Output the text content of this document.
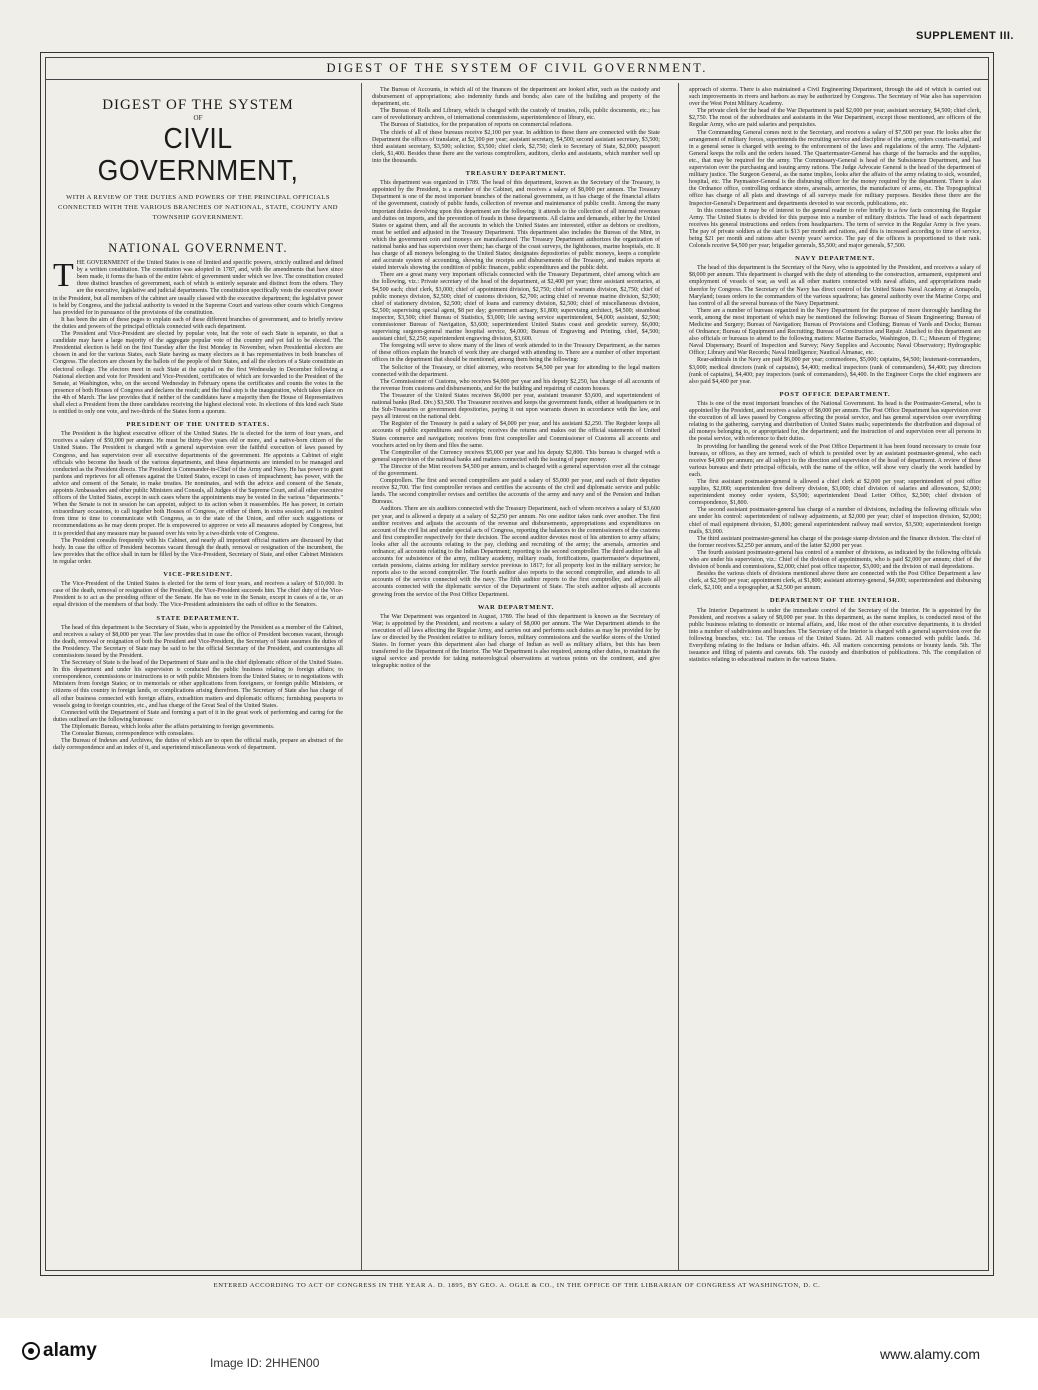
SUPPLEMENT III.
DIGEST OF THE SYSTEM OF CIVIL GOVERNMENT.
DIGEST OF THE SYSTEM
OF
CIVIL GOVERNMENT,
WITH A REVIEW OF THE DUTIES AND POWERS OF THE PRINCIPAL OFFICIALS CONNECTED WITH THE VARIOUS BRANCHES OF NATIONAL, STATE, COUNTY AND TOWNSHIP GOVERNMENT.
NATIONAL GOVERNMENT.

THE GOVERNMENT of the United States is one of limited and specific powers, strictly outlined and defined by a written constitution. The constitution was adopted in 1787, and, with the amendments that have since been made, it forms the basis of the entire fabric of government under which we live. The constitution created three distinct branches of government, each of which is entirely separate and distinct from the others. They are the executive, legislative and judicial departments. The constitution specifically vests the executive power in the President, but all members of the cabinet are usually classed with the executive department; the legislative power is held by Congress, and the judicial authority is vested in the Supreme Court and various other courts which Congress has provided for in pursuance of the provisions of the constitution.

It has been the aim of these pages to explain each of these different branches of government, and to briefly review the duties and powers of the principal officials connected with each department.

The President and Vice-President are elected by popular vote, but the vote of each State is separate, so that a candidate may have a large majority of the aggregate popular vote of the country and yet fail to be elected. The Presidential election is held on the first Tuesday after the first Monday in November, when Presidential electors are chosen in and for the various States, each State having as many electors as it has representatives in both branches of Congress. The electors are chosen by the ballots of the people of their States, and all the electors of a State constitute an electoral college. The electors meet in each State at the capital on the first Wednesday in December following a National election and vote for President and Vice-President, certificates of which are forwarded to the President of the Senate, at Washington, who, on the second Wednesday in February opens the certificates and counts the votes in the presence of both Houses of Congress and declares the result; and the final step is the inauguration, which takes place on the 4th of March. The law provides that if neither of the candidates have a majority then the House of Representatives shall elect a President from the three candidates receiving the highest electoral vote. In elections of this kind each State is entitled to only one vote, and two-thirds of the States form a quorum.

PRESIDENT OF THE UNITED STATES.

The President is the highest executive officer of the United States. He is elected for the term of four years, and receives a salary of $50,000 per annum. He must be thirty-five years old or more, and a native-born citizen of the United States. The President is charged with a general supervision over the faithful execution of laws passed by Congress, and has supervision over all executive departments of the government. He appoints a Cabinet of eight officials who become the heads of the various departments, and these departments are intended to be managed and conducted as the President directs. The President is Commander-in-Chief of the Army and Navy. He has power to grant pardons and reprieves for all offenses against the United States, except in cases of impeachment; has power, with the advice and consent of the Senate, to make treaties. He nominates, and with the advice and consent of the Senate, appoints Ambassadors and other public Ministers and Consuls, all Judges of the Supreme Court, and all other executive officers of the United States, except in such cases where the appointments may be vested in the various "departments." When the Senate is not in session he can appoint, subject to its action when it reassembles. He has power, in certain extraordinary occasions, to call together both Houses of Congress, or either of them, in extra session; and is required from time to time to communicate with Congress, as to the state of the Union, and offer such suggestions or recommendations as he may deem proper. He is empowered to approve or veto all measures adopted by Congress, but it is provided that any measure may be passed over his veto by a two-thirds vote of Congress.

The President consults frequently with his Cabinet, and nearly all important official matters are discussed by that body. In case the office of President becomes vacant through the death, removal or resignation of the incumbent, the law provides that the office shall in turn be filled by the Vice-President, Secretary of State, and other Cabinet Ministers in regular order.

VICE-PRESIDENT.

The Vice-President of the United States is elected for the term of four years, and receives a salary of $10,000. In case of the death, removal or resignation of the President, the Vice-President succeeds him. The chief duty of the Vice-President is to act as the presiding officer of the Senate. He has no vote in the Senate, except in cases of a tie, or an equal division of the members of that body. The Vice-President administers the oath of office to the Senators.

STATE DEPARTMENT.

The head of this department is the Secretary of State, who is appointed by the President as a member of the Cabinet, and receives a salary of $8,000 per year. The law provides that in case the office of President becomes vacant, through the death, removal or resignation of both the President and Vice-President, the Secretary of State assumes the duties of the Presidency. The Secretary of State may be said to be the official Secretary of the President, and countersigns all commissions issued by the President.

The Secretary of State is the head of the Department of State and is the chief diplomatic officer of the United States. In this department and under his supervision is conducted the public business relating to foreign affairs; to correspondence, commissions or instructions to or with public Ministers from the United States; or to negotiations with Ministers from foreign States; or to memorials or other applications from foreigners, or foreign public Ministers, or citizens of this country in foreign lands, or complications arising therefrom. The Secretary of State also has charge of all other business connected with foreign affairs, extradition matters and diplomatic officers; furnishing passports to vessels going to foreign countries, etc., and has charge of the Great Seal of the United States.

Connected with the Department of State and forming a part of it in the great work of performing and caring for the duties outlined are the following bureaus:

The Diplomatic Bureau, which looks after the affairs pertaining to foreign governments.

The Consular Bureau, correspondence with consulates.

The Bureau of Indexes and Archives, the duties of which are to open the official mails, prepare an abstract of the daily correspondence and an index of it, and superintend miscellaneous work of department.

The Bureau of Accounts, in which all of the finances of the department are looked after, such as the custody and disbursement of appropriations; also indemnity funds and bonds; also care of the building and property of the department, etc.

The Bureau of Rolls and Library, which is charged with the custody of treaties, rolls, public documents, etc.; has care of revolutionary archives, of international commissions, superintendence of library, etc.

The Bureau of Statistics, for the preparation of reports on commercial relations.

The chiefs of all of these bureaus receive $2,100 per year. In addition to these there are connected with the State Department the offices of translator, at $2,100 per year; assistant secretary, $4,500; second assistant secretary, $3,500; third assistant secretary, $3,500; solicitor, $3,500; chief clerk, $2,750; clerk to Secretary of State, $2,000; passport clerk, $1,400. Besides these there are the various comptrollers, auditors, clerks and assistants, which number well up into the thousands.

TREASURY DEPARTMENT.

This department was organized in 1789. The head of this department, known as the Secretary of the Treasury, is appointed by the President, is a member of the Cabinet, and receives a salary of $8,000 per annum. The Treasury Department is one of the most important branches of the national government, as it has charge of the financial affairs of the government, custody of public funds, collection of revenue and maintenance of public credit. Among the many important duties devolving upon this department are the following: it attends to the collection of all internal revenues and duties on imports, and the prevention of frauds in these departments. All claims and demands, either by the United States or against them, and all the accounts in which the United States are interested, either as debtors or creditors, must be settled and adjusted in the Treasury Department. This department also includes the Bureau of the Mint, in which the government coin and moneys are manufactured. The Treasury Department authorizes the organization of national banks and has supervision over them; has charge of the coast surveys, the lighthouses, marine hospitals, etc. It has charge of all moneys belonging to the United States; designates depositories of public moneys, keeps a complete and accurate system of accounting, showing the receipts and disbursements of the Treasury, and makes reports at stated intervals showing the condition of public finances, public expenditures and the public debt.

There are a great many very important officials connected with the Treasury Department, chief among which are the following, viz.: Private secretary of the head of the department, at $2,400 per year; three assistant secretaries, at $4,500 each; chief clerk, $3,000; chief of appointment division, $2,750; chief of warrants division, $2,750; chief of public moneys division, $2,500; chief of customs division, $2,700; acting chief of revenue marine division, $2,500; chief of stationery division, $2,500; chief of loans and currency division, $2,500; chief of miscellaneous division, $2,500; supervising special agent, $8 per day; government actuary, $1,800; supervising architect, $4,500; steamboat inspector, $3,500; chief Bureau of Statistics, $3,000; life saving service superintendent, $4,000; assistant, $2,500; commissioner Bureau of Navigation, $3,600; superintendent United States coast and geodetic survey, $6,000; supervising surgeon-general marine hospital service, $4,000; Bureau of Engraving and Printing, chief, $4,500; assistant chief, $2,250; superintendent engraving division, $3,600.

The foregoing will serve to show many of the lines of work attended to in the Treasury Department, as the names of these offices explain the branch of work they are charged with attending to. There are a number of other important offices in the department that should be mentioned, among them being the following:

The Solicitor of the Treasury, or chief attorney, who receives $4,500 per year for attending to the legal matters connected with the department.

The Commissioner of Customs, who receives $4,000 per year and his deputy $2,250, has charge of all accounts of the revenue from customs and disbursements, and for the building and repairing of custom houses.

The Treasurer of the United States receives $6,000 per year, assistant treasurer $3,600, and superintendent of national banks (Red. Div.) $3,500. The Treasurer receives and keeps the government funds, either at headquarters or in the Sub-Treasuries or government depositories, paying it out upon warrants drawn in accordance with the law, and pays all interest on the national debt.

The Register of the Treasury is paid a salary of $4,000 per year, and his assistant $2,250. The Register keeps all accounts of public expenditures and receipts; receives the returns and makes out the official statements of United States commerce and navigation; receives from first comptroller and Commissioner of Customs all accounts and vouchers acted on by them and files the same.

The Comptroller of the Currency receives $5,000 per year and his deputy $2,800. This bureau is charged with a general supervision of the national banks and matters connected with the issuing of paper money.

The Director of the Mint receives $4,500 per annum, and is charged with a general supervision over all the coinage of the government.

Comptrollers. The first and second comptrollers are paid a salary of $5,000 per year, and each of their deputies receive $2,700. The first comptroller revises and certifies the accounts of the civil and diplomatic service and public lands. The second comptroller revises and certifies the accounts of the army and navy and of the Pension and Indian Bureaus.

Auditors. There are six auditors connected with the Treasury Department, each of whom receives a salary of $3,600 per year, and is allowed a deputy at a salary of $2,250 per annum. No one auditor takes rank over another. The first auditor receives and adjusts the accounts of the revenue and disbursements, appropriations and expenditures on account of the civil list and under special acts of Congress, reporting the balances to the commissioners of the customs and first comptroller respectively for their decision. The second auditor devotes most of his attention to army affairs; looks after all the accounts relating to the pay, clothing and recruiting of the army; the arsenals, armories and ordnance; all accounts relating to the Indian Department; reporting to the second comptroller. The third auditor has all accounts for subsistence of the army, military academy, military roads, fortifications, quartermaster's department, certain pensions, claims arising for military service previous to 1817; for all property lost in the military service; he reports also to the second comptroller. The fourth auditor also reports to the second comptroller, and attends to all accounts of the service connected with the navy. The fifth auditor reports to the first comptroller, and adjusts all accounts connected with the diplomatic service of the Department of State. The sixth auditor adjusts all accounts growing from the service of the Post Office Department.

WAR DEPARTMENT.

The War Department was organized in August, 1789. The head of this department is known as the Secretary of War; is appointed by the President, and receives a salary of $8,000 per annum. The War Department attends to the execution of all laws affecting the Regular Army, and carries out and performs such duties as may be provided for by law or directed by the President relative to military forces, military commissions and the warlike stores of the United States. In former years this department also had charge of Indian as well as military affairs, but this has been transferred to the Department of the Interior. The War Department is also required, among other duties, to maintain the signal service and provide for taking meteorological observations at various points on the continent, and give telegraphic notice of the

approach of storms. There is also maintained a Civil Engineering Department, through the aid of which is carried out such improvements in rivers and harbors as may be authorized by Congress. The Secretary of War also has supervision over the West Point Military Academy.

The private clerk for the head of the War Department is paid $2,000 per year; assistant secretary, $4,500; chief clerk, $2,750. The most of the subordinates and assistants in the War Department, except those mentioned, are officers of the Regular Army, who are paid salaries and perquisites.

The Commanding General comes next to the Secretary, and receives a salary of $7,500 per year. He looks after the arrangement of military forces, superintends the recruiting service and discipline of the army, orders courts-martial, and in a general sense is charged with seeing to the enforcement of the laws and regulations of the army. The Adjutant-General keeps the rolls and the orders issued. The Quartermaster-General has charge of the barracks and the supplies, etc., that may be required for the army. The Commissary-General is head of the Subsistence Department, and has supervision over the purchasing and issuing army rations. The Judge Advocate General is the head of the department of military justice. The Surgeon General, as the name implies, looks after the affairs of the army relating to sick, wounded, hospital, etc. The Paymaster-General is the disbursing officer for the money required by the department. There is also the Ordnance office, controlling ordnance stores, arsenals, armories, the manufacture of arms, etc. The Topographical office has charge of all plats and drawings of all surveys made for military purposes. Besides these there are the Inspector-General's Department and departments devoted to war records, publications, etc.

In this connection it may be of interest to the general reader to refer briefly to a few facts concerning the Regular Army. The United States is divided for this purpose into a number of military districts. The head of each department receives his general instructions and orders from headquarters. The term of service in the Regular Army is five years. The pay of private soldiers at the start is $13 per month and rations, and this is increased according to time of service, being $21 per month and rations after twenty years' service. The pay of the officers is proportioned to their rank. Colonels receive $4,500 per year; brigadier generals, $5,500; and major generals, $7,500.

NAVY DEPARTMENT.

The head of this department is the Secretary of the Navy, who is appointed by the President, and receives a salary of $8,000 per annum. This department is charged with the duty of attending to the construction, armament, equipment and employment of vessels of war, as well as all other matters connected with naval affairs, and appropriations made therefor by Congress. The Secretary of the Navy has direct control of the United States Naval Academy at Annapolis, Maryland; issues orders to the commanders of the various squadrons; has general authority over the Marine Corps; and has control of all the several bureaus of the Navy Department.

There are a number of bureaus organized in the Navy Department for the purpose of more thoroughly handling the work, among the most important of which may be mentioned the following: Bureau of Steam Engineering; Bureau of Medicine and Surgery; Bureau of Navigation; Bureau of Provisions and Clothing; Bureau of Yards and Docks; Bureau of Ordnance; Bureau of Equipment and Recruiting; Bureau of Construction and Repair. Attached to this department are also officials or bureaus to attend to the following matters: Marine Barracks, Washington, D. C.; Museum of Hygiene; Naval Dispensary; Board of Inspection and Survey; Navy Supplies and Accounts; Naval Observatory; Hydrographic Office; Library and War Records; Naval Intelligence; Nautical Almanac, etc.

Rear-admirals in the Navy are paid $6,000 per year; commodores, $5,000; captains, $4,500; lieutenant-commanders, $3,000; medical directors (rank of captains), $4,400; medical inspectors (rank of commanders), $4,400; pay directors (rank of captains), $4,400; pay inspectors (rank of commanders), $4,400. In the Engineer Corps the chief engineers are also paid $4,400 per year.

POST OFFICE DEPARTMENT.

This is one of the most important branches of the National Government. Its head is the Postmaster-General, who is appointed by the President, and receives a salary of $8,000 per annum. The Post Office Department has supervision over the execution of all laws passed by Congress affecting the postal service, and has general supervision over everything relating to the gathering, carrying and distribution of United States mails; superintends the distribution and disposal of all moneys belonging to, or appropriated for, the department; and the instruction of and supervision over all persons in the postal service, with reference to their duties.

In providing for handling the general work of the Post Office Department it has been found necessary to create four bureaus, or offices, as they are termed, each of which is presided over by an assistant postmaster-general, who each receive $4,000 per annum; are all subject to the direction and supervision of the head of department. A review of these various bureaus and their principal officials, with the name of the office, will show very clearly the work handled by each.

The first assistant postmaster-general is allowed a chief clerk at $2,000 per year; superintendent of post office supplies, $2,000; superintendent free delivery division, $3,000; chief division of salaries and allowances, $2,000; superintendent money order system, $3,500; superintendent Dead Letter Office, $2,500; chief division of correspondence, $1,800.

The second assistant postmaster-general has charge of a number of divisions, including the following officials who are under his control: superintendent of railway adjustments, at $2,000 per year; chief of inspection division, $2,000; chief of mail equipment division, $1,800; general superintendent railway mail service, $3,500; superintendent foreign mails, $3,000.

The third assistant postmaster-general has charge of the postage stamp division and the finance division. The chief of the former receives $2,250 per annum, and of the latter $2,000 per year.

The fourth assistant postmaster-general has control of a number of divisions, as indicated by the following officials who are under his supervision, viz.: Chief of the division of appointments, who is paid $2,000 per annum; chief of the division of bonds and commissions, $2,000; chief post office inspector, $3,000; and the division of mail depredations.

Besides the various chiefs of divisions mentioned above there are connected with the Post Office Department a law clerk, at $2,500 per year; appointment clerk, at $1,800; assistant attorney-general, $4,000; superintendent and disbursing clerk, $2,100; and a topographer, at $2,500 per annum.

DEPARTMENT OF THE INTERIOR.

The Interior Department is under the immediate control of the Secretary of the Interior. He is appointed by the President, and receives a salary of $8,000 per year. In this department, as the name implies, is conducted most of the public business relating to domestic or internal affairs, and, like most of the other executive departments, it is divided into a number of subdivisions and branches. The Secretary of the Interior is charged with a general supervision over the following branches, viz.: 1st. The census of the United States. 2d. All matters connected with public lands. 3d. Everything relating to the Indians or Indian affairs. 4th. All matters concerning pensions or bounty lands. 5th. The issuance and filing of patents and caveats. 6th. The custody and distribution of publications. 7th. The compilation of statistics relating to educational matters in the various States.

ENTERED ACCORDING TO ACT OF CONGRESS IN THE YEAR A. D. 1895, BY GEO. A. OGLE & CO., IN THE OFFICE OF THE LIBRARIAN OF CONGRESS AT WASHINGTON, D. C.
alamy
Image ID: 2HHEN00
www.alamy.com
